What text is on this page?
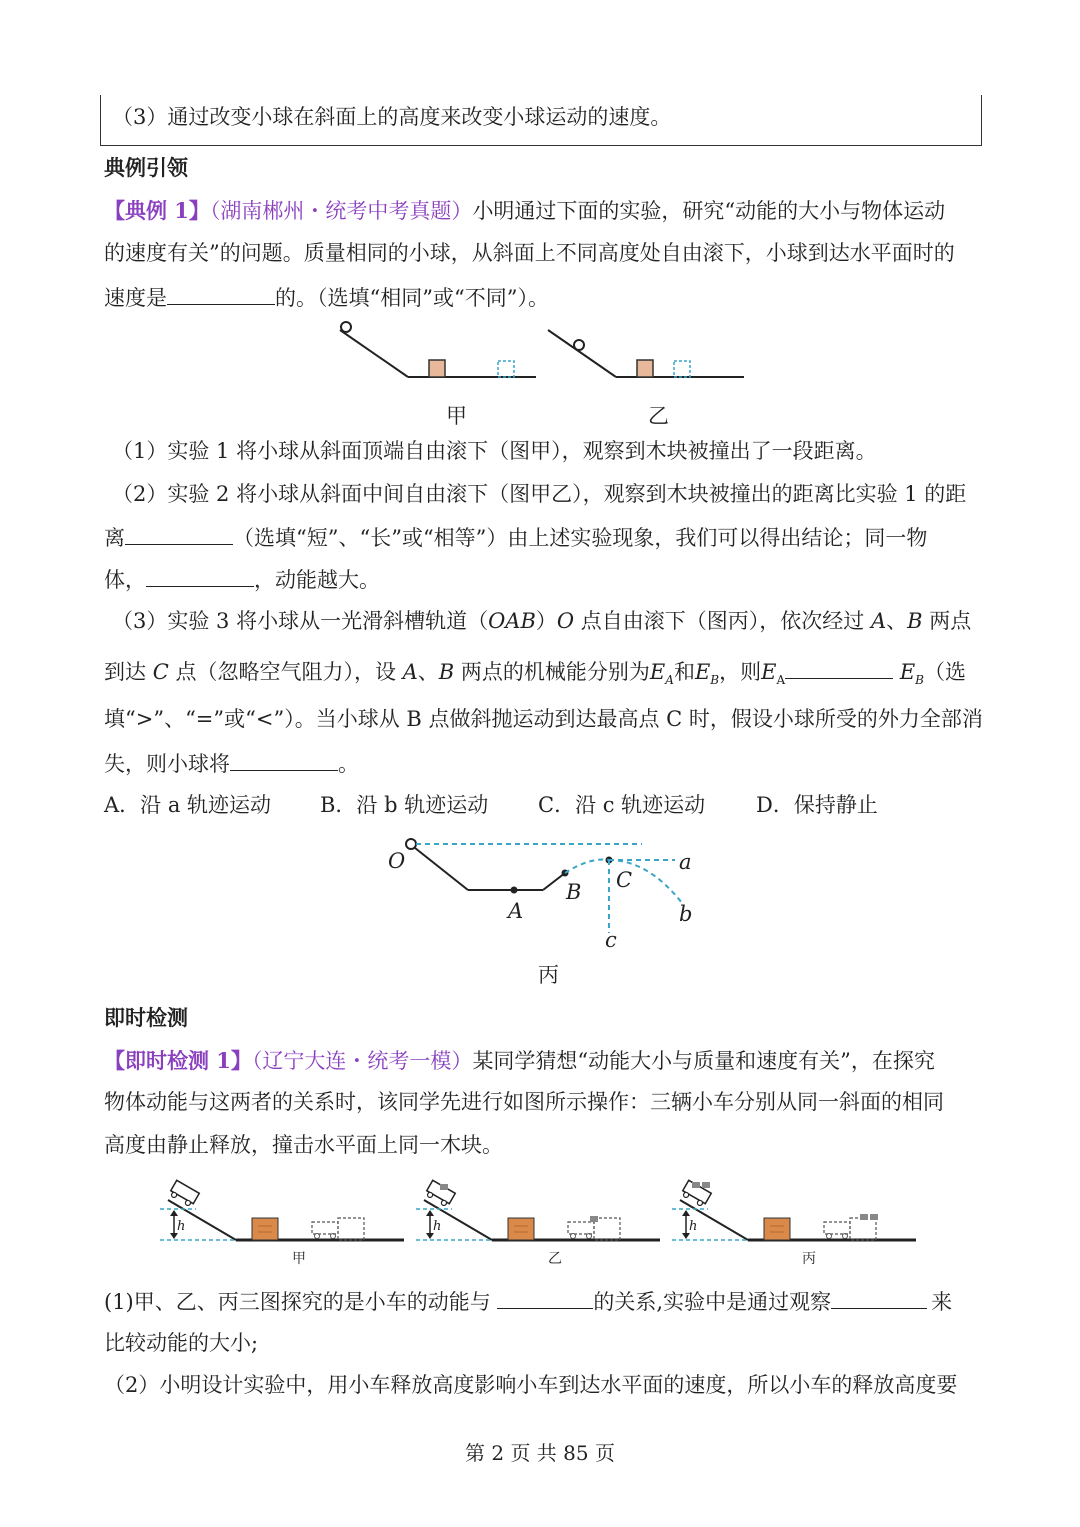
（3）通过改变小球在斜面上的高度来改变小球运动的速度。
典例引领
【典例 1】（湖南郴州・统考中考真题）小明通过下面的实验，研究“动能的大小与物体运动
的速度有关”的问题。质量相同的小球，从斜面上不同高度处自由滚下，小球到达水平面时的
速度是	的。（选填“相同”或“不同”）。
甲	乙
（1）实验 1 将小球从斜面顶端自由滚下（图甲），观察到木块被撞出了一段距离。
（2）实验 2 将小球从斜面中间自由滚下（图甲乙），观察到木块被撞出的距离比实验 1 的距
离	（选填“短”、“长”或“相等”）由上述实验现象，我们可以得出结论；同一物
体，	，动能越大。
（3）实验 3 将小球从一光滑斜槽轨道（OAB）O 点自由滚下（图丙），依次经过 A、B 两点
到达 C 点（忽略空气阻力），设 A、B 两点的机械能分别为$E_A$和$E_B$，则$E_A$	$E_B$（选
填“>”、“=”或“<”）。当小球从 B 点做斜抛运动到达最高点 C 时，假设小球所受的外力全部消
失，则小球将	。
A．沿 a 轨迹运动 B．沿 b 轨迹运动 C．沿 c 轨迹运动 D．保持静止
O
A
B C
a
b
c
丙
即时检测
【即时检测 1】（辽宁大连・统考一模）某同学猜想“动能大小与质量和速度有关”，在探究
物体动能与这两者的关系时，该同学先进行如图所示操作：三辆小车分别从同一斜面的相同
高度由静止释放，撞击水平面上同一木块。
h	h	h
甲	乙	丙
(1)甲、乙、丙三图探究的是小车的动能与	的关系,实验中是通过观察	来
比较动能的大小;
（2）小明设计实验中，用小车释放高度影响小车到达水平面的速度，所以小车的释放高度要
第 2 页 共 85 页
